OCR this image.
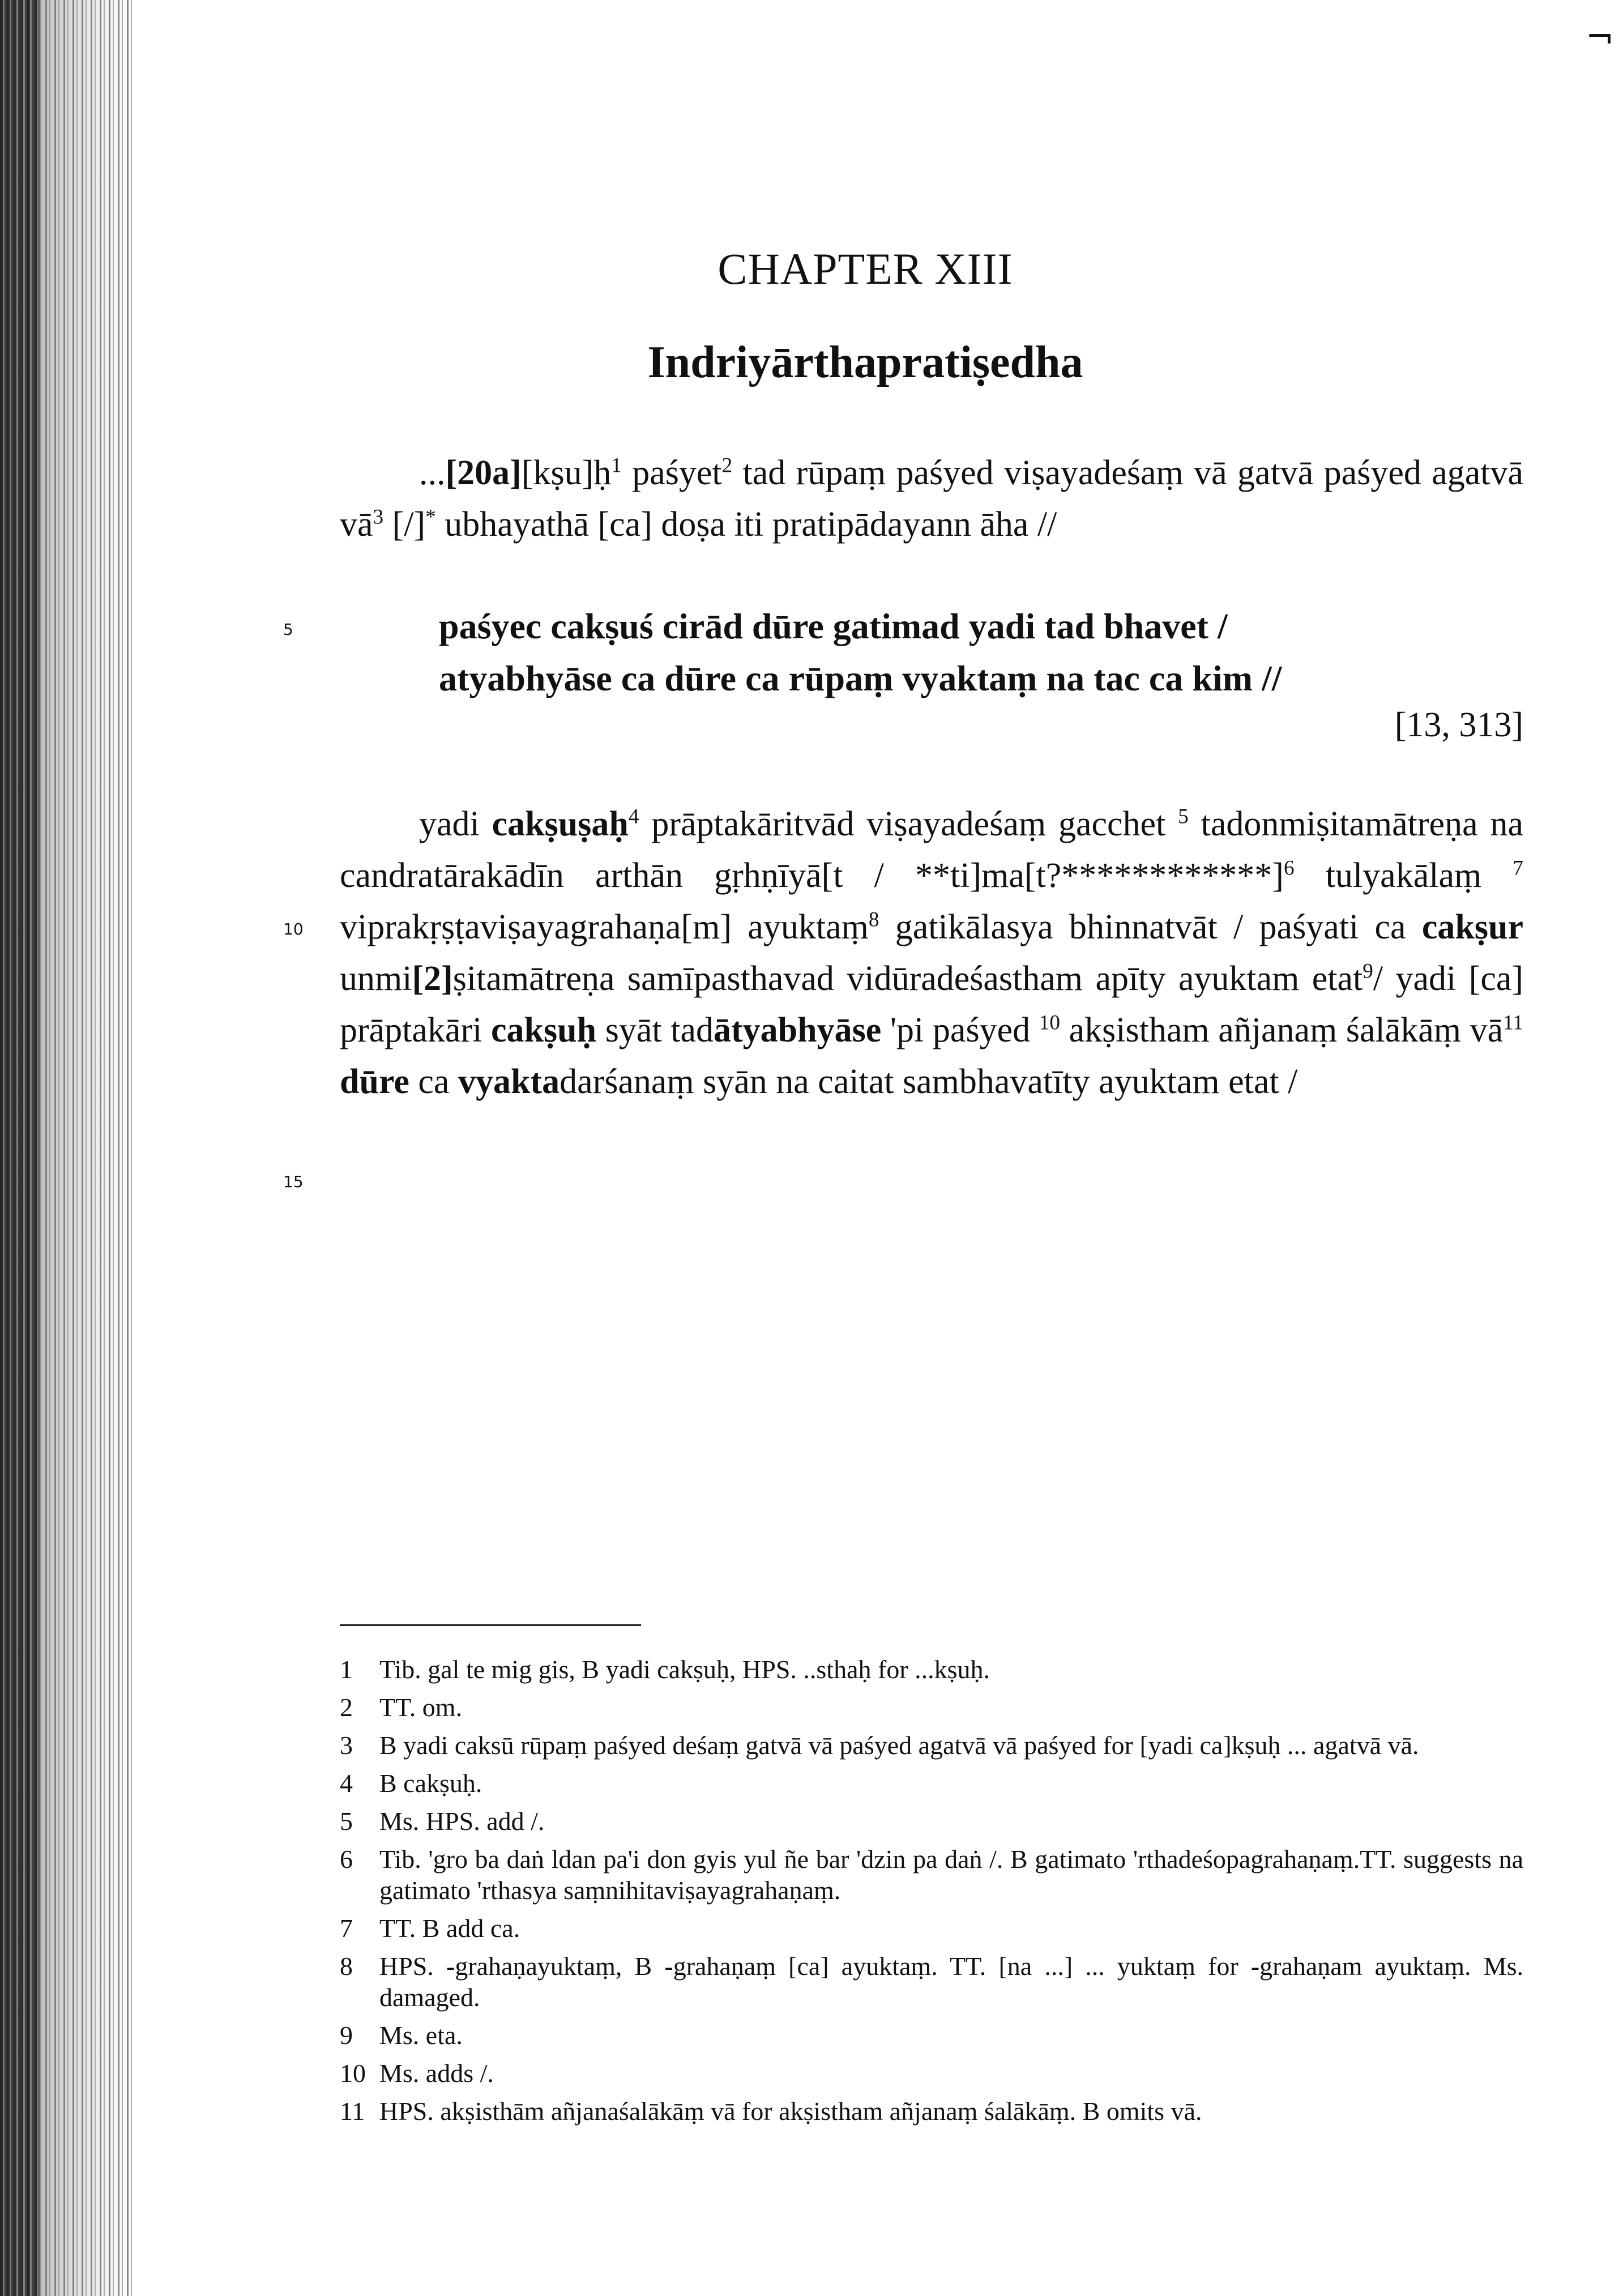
¬
CHAPTER XIII
Indriyārthapratiṣedha

...[20a][kṣu]ḥ$^1$ paśyet$^2$ tad rūpaṃ paśyed viṣayadeśaṃ vā gatvā paśyed agatvā $vā^3$ [/]* ubhayathā [ca] doṣa iti pratipādayann āha //

5	paśyec cakṣuś cirād dūre gatimad yadi tad bhavet /
atyabhyāse ca dūre ca rūpaṃ vyaktaṃ na tac ca kim //
[13, 313]

yadi cakṣuṣaḥ$^4$ prāptakāritvād viṣayadeśaṃ gacchet $^5$ tadonmiṣitamātreṇa na candratārakādīn arthān gṛhṇīyā[t / **ti]ma[t?************]$^6$ tulyakālaṃ $^7$ viprakṛṣṭaviṣayagrahaṇa[m] ayuktaṃ$^8$ gatikālasya bhinnatvāt / paśyati ca cakṣur unmi[2]ṣitamātreṇa samīpasthavad vidūradeśastham apīty ayuktam etat$^9$/ yadi [ca] prāptakāri cakṣuḥ syāt tadātyabhyāse 'pi paśyed $^{10}$ akṣistham añjanaṃ śalākāṃ $vā^{11}$ dūre ca vyaktadarśanaṃ syān na caitat sambhavatīty ayuktam etat /

10
15
1	Tib. gal te mig gis, B yadi cakṣuḥ, HPS. ..sthaḥ for ...kṣuḥ.
2	TT. om.
3	B yadi caksū rūpaṃ paśyed deśaṃ gatvā vā paśyed agatvā vā paśyed for [yadi ca]kṣuḥ ... agatvā vā.
4	B cakṣuḥ.
5	Ms. HPS. add /.
6	Tib. 'gro ba daṅ ldan pa'i don gyis yul ñe bar 'dzin pa daṅ /. B gatimato 'rthadeśopagrahaṇaṃ.TT. suggests na gatimato 'rthasya saṃnihitaviṣayagrahaṇaṃ.
7	TT. B add ca.
8	HPS. -grahaṇayuktaṃ, B -grahaṇaṃ [ca] ayuktaṃ. TT. [na ...] ... yuktaṃ for -grahaṇam ayuktaṃ. Ms. damaged.
9	Ms. eta.
10 Ms. adds /.
11 HPS. akṣisthām añjanaśalākāṃ vā for akṣistham añjanaṃ śalākāṃ. B omits vā.
